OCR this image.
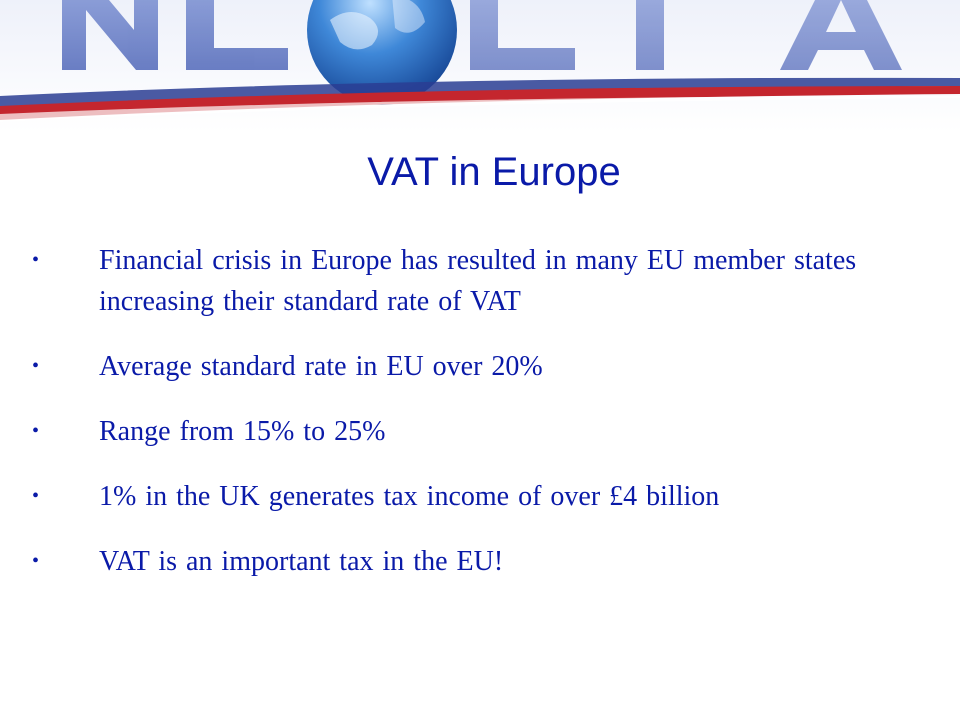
VAT in Europe
• Financial crisis in Europe has resulted in many EU member states increasing their standard rate of VAT
• Average standard rate in EU over 20%
• Range from 15% to 25%
• 1% in the UK generates tax income of over £4 billion
• VAT is an important tax in the EU!
